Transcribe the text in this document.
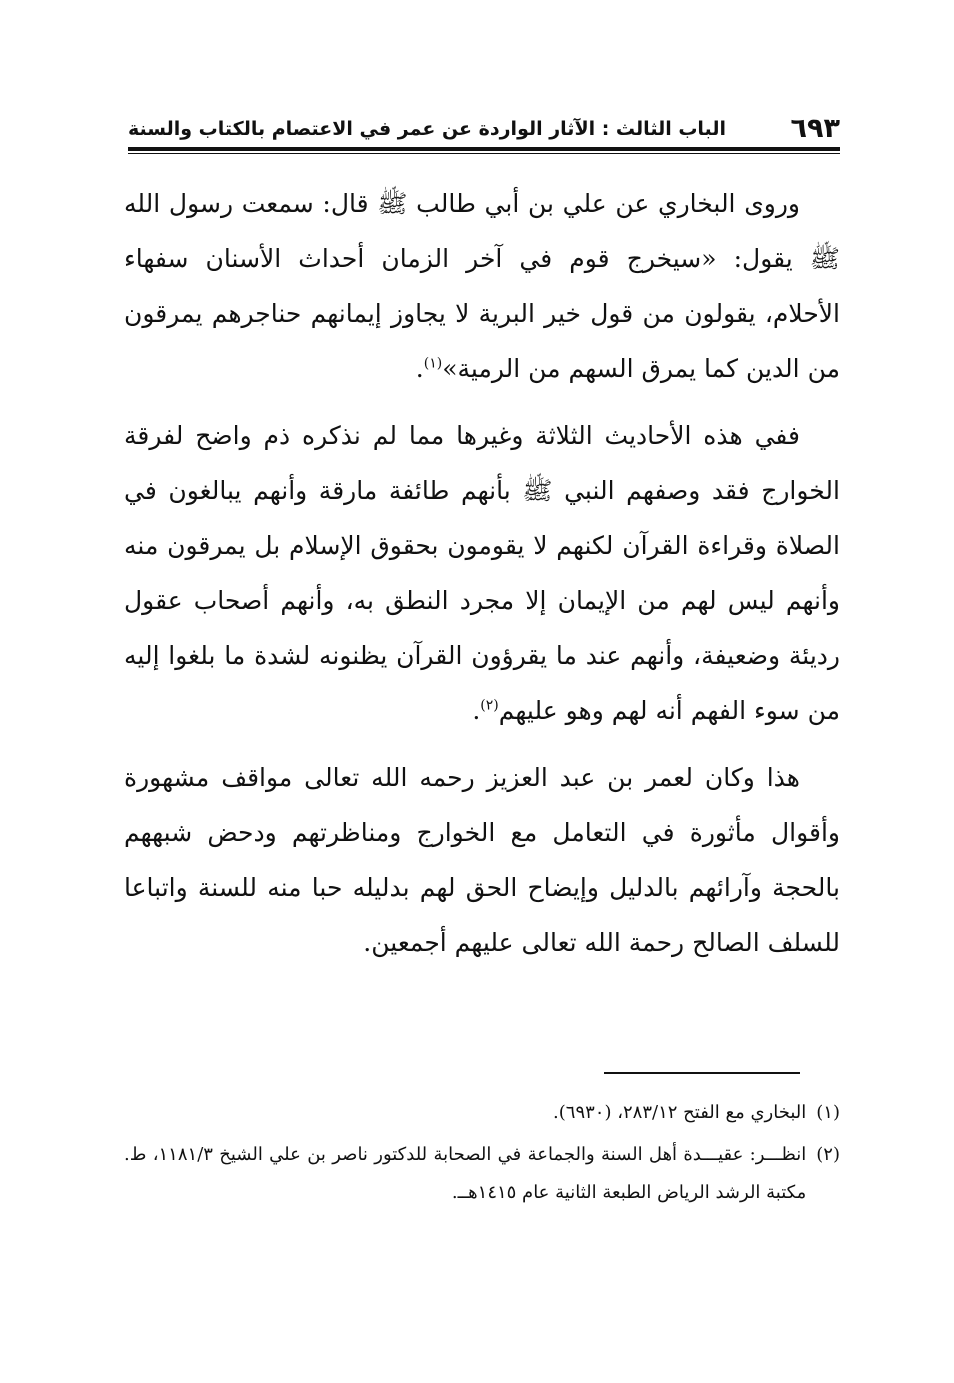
٦٩٣
الباب الثالث : الآثار الواردة عن عمر في الاعتصام بالكتاب والسنة

وروى البخاري عن علي بن أبي طالب ﷺ قال: سمعت رسول الله ﷺ يقول: «سيخرج قوم في آخر الزمان أحداث الأسنان سفهاء الأحلام، يقولون من قول خير البرية لا يجاوز إيمانهم حناجرهم يمرقون من الدين كما يمرق السهم من الرمية»$^{(١)}$.

ففي هذه الأحاديث الثلاثة وغيرها مما لم نذكره ذم واضح لفرقة الخوارج فقد وصفهم النبي ﷺ بأنهم طائفة مارقة وأنهم يبالغون في الصلاة وقراءة القرآن لكنهم لا يقومون بحقوق الإسلام بل يمرقون منه وأنهم ليس لهم من الإيمان إلا مجرد النطق به، وأنهم أصحاب عقول رديئة وضعيفة، وأنهم عند ما يقرؤون القرآن يظنونه لشدة ما بلغوا إليه من سوء الفهم أنه لهم وهو عليهم$^{(٢)}$.

هذا وكان لعمر بن عبد العزيز رحمه الله تعالى مواقف مشهورة وأقوال مأثورة في التعامل مع الخوارج ومناظرتهم ودحض شبههم بالحجة وآرائهم بالدليل وإيضاح الحق لهم بدليله حبا منه للسنة واتباعا للسلف الصالح رحمة الله تعالى عليهم أجمعين.

(١)
البخاري مع الفتح ٢٨٣/١٢، (٦٩٣٠).
(٢)
انظـــر: عقيـــدة أهل السنة والجماعة في الصحابة للدكتور ناصر بن علي الشيخ ١١٨١/٣، ط. مكتبة الرشد الرياض الطبعة الثانية عام ١٤١٥هــ.
